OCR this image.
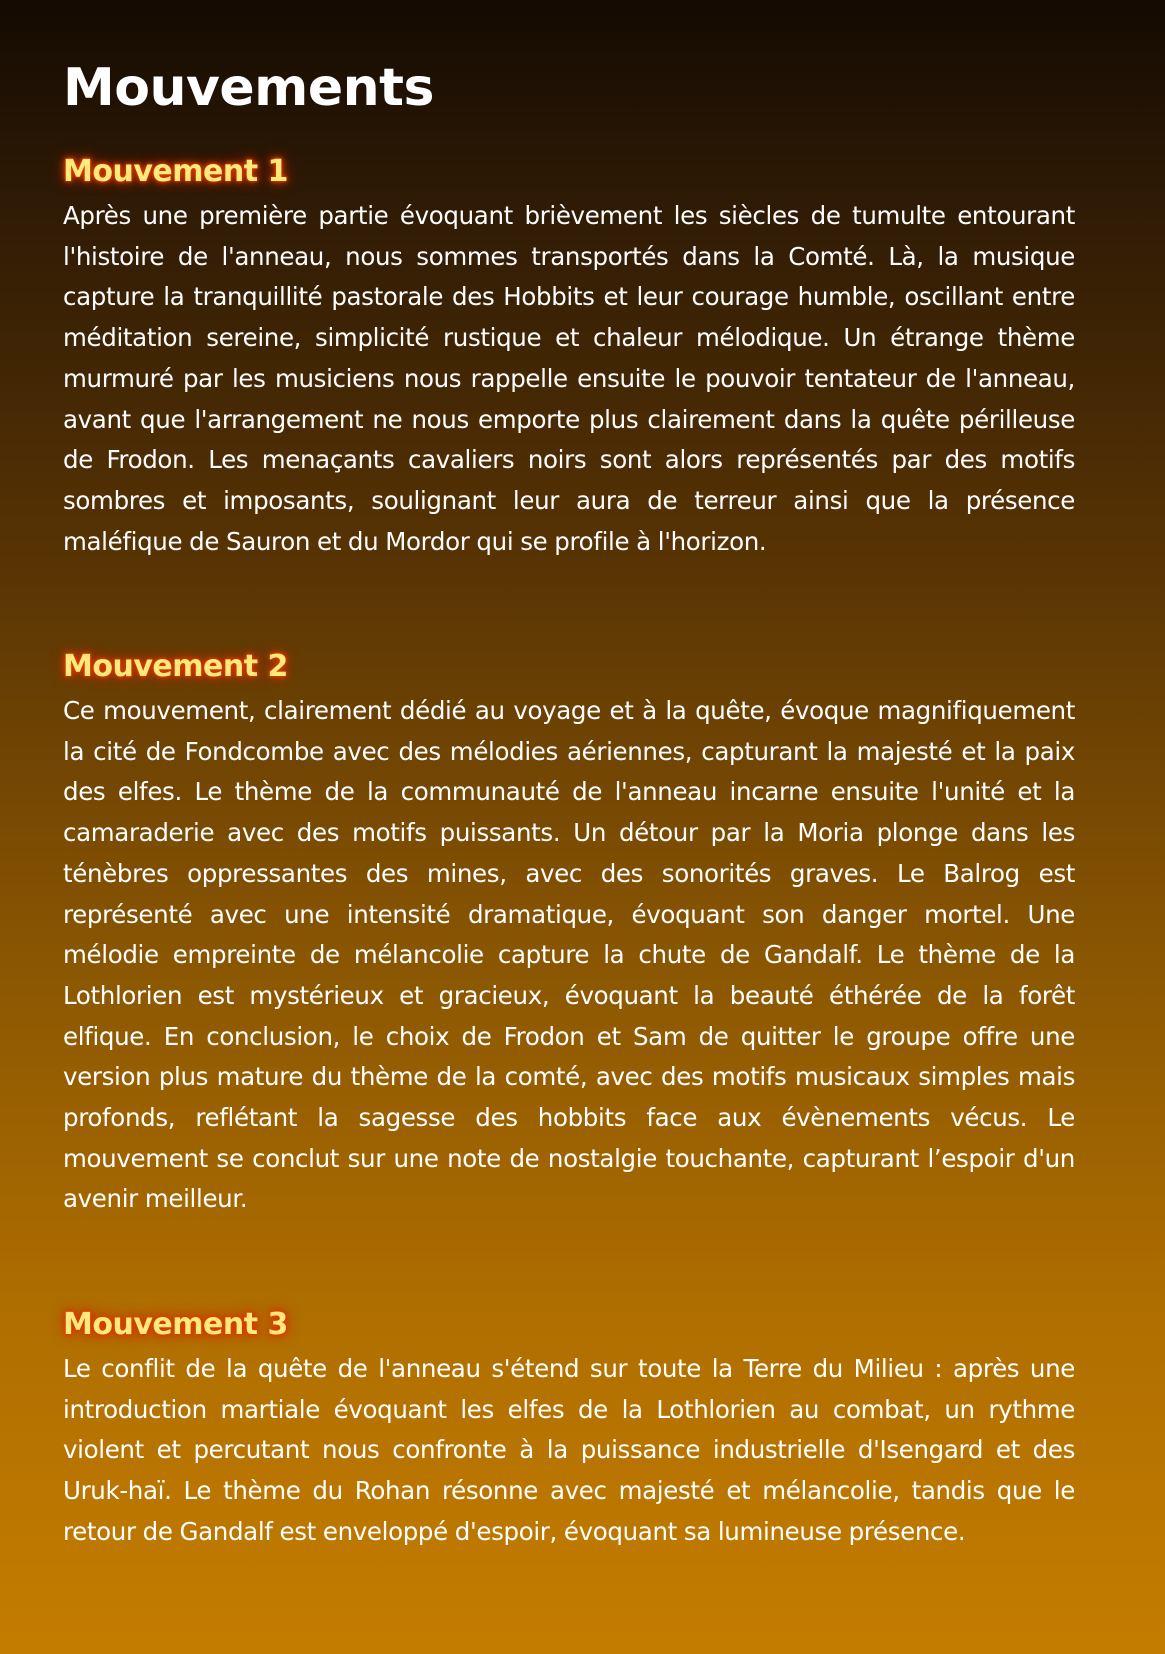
Mouvements
Mouvement 1

Après une première partie évoquant brièvement les siècles de tumulte entourant l'histoire de l'anneau, nous sommes transportés dans la Comté. Là, la musique capture la tranquillité pastorale des Hobbits et leur courage humble, oscillant entre méditation sereine, simplicité rustique et chaleur mélodique. Un étrange thème murmuré par les musiciens nous rappelle ensuite le pouvoir tentateur de l'anneau, avant que l'arrangement ne nous emporte plus clairement dans la quête périlleuse de Frodon. Les menaçants cavaliers noirs sont alors représentés par des motifs sombres et imposants, soulignant leur aura de terreur ainsi que la présence maléfique de Sauron et du Mordor qui se profile à l'horizon.

Mouvement 2

Ce mouvement, clairement dédié au voyage et à la quête, évoque magnifiquement la cité de Fondcombe avec des mélodies aériennes, capturant la majesté et la paix des elfes. Le thème de la communauté de l'anneau incarne ensuite l'unité et la camaraderie avec des motifs puissants. Un détour par la Moria plonge dans les ténèbres oppressantes des mines, avec des sonorités graves. Le Balrog est représenté avec une intensité dramatique, évoquant son danger mortel. Une mélodie empreinte de mélancolie capture la chute de Gandalf. Le thème de la Lothlorien est mystérieux et gracieux, évoquant la beauté éthérée de la forêt elfique. En conclusion, le choix de Frodon et Sam de quitter le groupe offre une version plus mature du thème de la comté, avec des motifs musicaux simples mais profonds, reflétant la sagesse des hobbits face aux évènements vécus. Le mouvement se conclut sur une note de nostalgie touchante, capturant l’espoir d'un avenir meilleur.

Mouvement 3

Le conflit de la quête de l'anneau s'étend sur toute la Terre du Milieu : après une introduction martiale évoquant les elfes de la Lothlorien au combat, un rythme violent et percutant nous confronte à la puissance industrielle d'Isengard et des Uruk-haï. Le thème du Rohan résonne avec majesté et mélancolie, tandis que le retour de Gandalf est enveloppé d'espoir, évoquant sa lumineuse présence.
